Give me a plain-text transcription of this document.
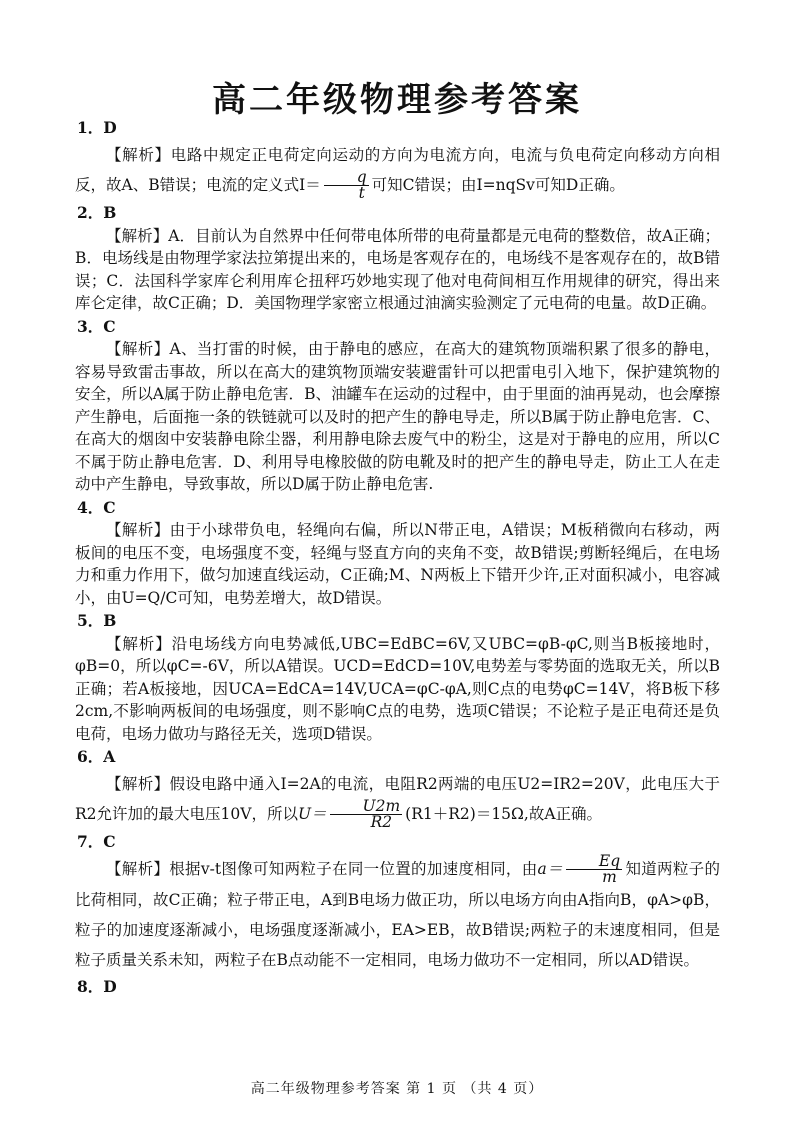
高二年级物理参考答案
1．D

【解析】电路中规定正电荷定向运动的方向为电流方向，电流与负电荷定向移动方向相反，故A、B错误；电流的定义式$I= \frac{q}{t}$ 可知C错误；由I=nqSv可知D正确。

2．B

【解析】A．目前认为自然界中任何带电体所带的电荷量都是元电荷的整数倍，故A正确；B．电场线是由物理学家法拉第提出来的，电场是客观存在的，电场线不是客观存在的，故B错误；C．法国科学家库仑利用库仑扭秤巧妙地实现了他对电荷间相互作用规律的研究，得出来库仑定律，故C正确；D．美国物理学家密立根通过油滴实验测定了元电荷的电量。故D正确。

3．C

【解析】A、当打雷的时候，由于静电的感应，在高大的建筑物顶端积累了很多的静电，容易导致雷击事故，所以在高大的建筑物顶端安装避雷针可以把雷电引入地下，保护建筑物的安全，所以A属于防止静电危害．B、油罐车在运动的过程中，由于里面的油再晃动，也会摩擦产生静电，后面拖一条的铁链就可以及时的把产生的静电导走，所以B属于防止静电危害．C、在高大的烟囱中安装静电除尘器，利用静电除去废气中的粉尘，这是对于静电的应用，所以C不属于防止静电危害．D、利用导电橡胶做的防电靴及时的把产生的静电导走，防止工人在走动中产生静电，导致事故，所以D属于防止静电危害.

4．C

【解析】由于小球带负电，轻绳向右偏，所以N带正电，A错误；M板稍微向右移动，两板间的电压不变，电场强度不变，轻绳与竖直方向的夹角不变，故B错误;剪断轻绳后，在电场力和重力作用下，做匀加速直线运动，C正确;M、N两板上下错开少许,正对面积减小，电容减小，由U=Q/C可知，电势差增大，故D错误。

5．B

【解析】沿电场线方向电势减低,UBC=EdBC=6V,又UBC=φB-φC,则当B板接地时，φB=0，所以φC=-6V，所以A错误。UCD=EdCD=10V,电势差与零势面的选取无关，所以B正确；若A板接地，因UCA=EdCA=14V,UCA=φC-φA,则C点的电势φC=14V，将B板下移2cm,不影响两板间的电场强度，则不影响C点的电势，选项C错误；不论粒子是正电荷还是负电荷，电场力做功与路径无关，选项D错误。

6．A

【解析】假设电路中通入I=2A的电流，电阻R2两端的电压U2=IR2=20V，此电压大于R2允许加的最大电压10V，所以$U= \frac{U2m}{R2} (R1+R2)=15\Omega$,故A正确。

7．C

【解析】根据v-t图像可知两粒子在同一位置的加速度相同，由$a= \frac{Eq}{m}$ 知道两粒子的比荷相同，故C正确；粒子带正电，A到B电场力做正功，所以电场方向由A指向B，φA>φB，粒子的加速度逐渐减小，电场强度逐渐减小，EA>EB，故B错误;两粒子的末速度相同，但是粒子质量关系未知，两粒子在B点动能不一定相同，电场力做功不一定相同，所以AD错误。

8．D
高二年级物理参考答案 第 1 页 （共 4 页）
